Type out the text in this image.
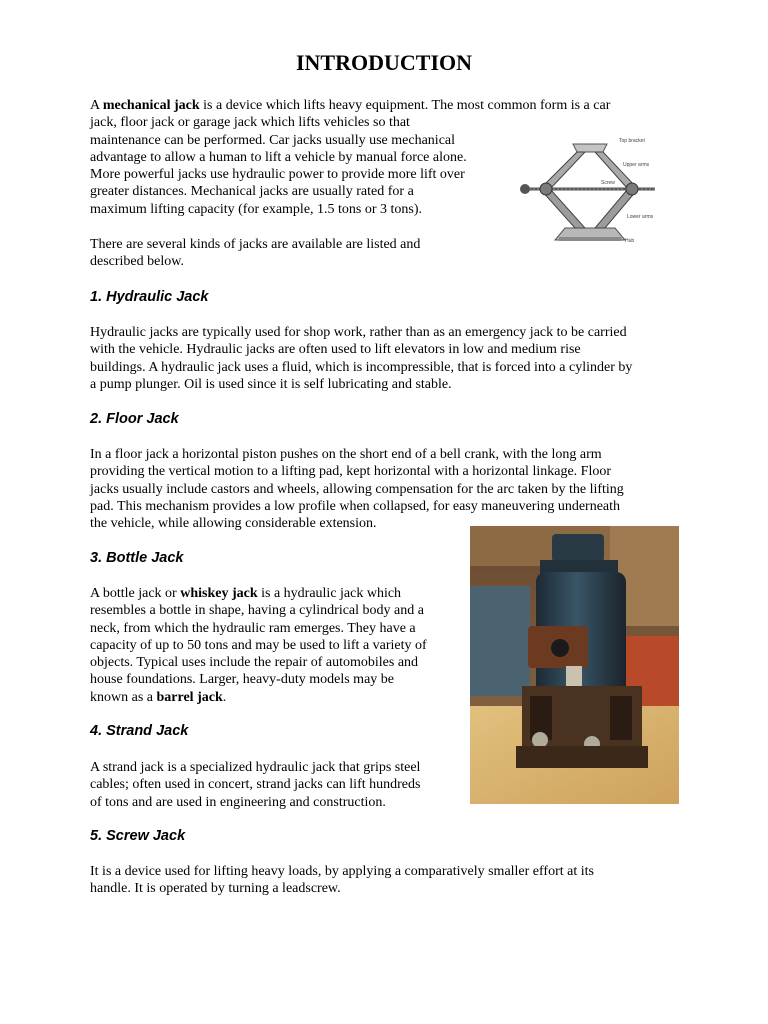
INTRODUCTION

A mechanical jack is a device which lifts heavy equipment. The most common form is a car
jack, floor jack or garage jack which lifts vehicles so that
maintenance can be performed. Car jacks usually use mechanical
advantage to allow a human to lift a vehicle by manual force alone.
More powerful jacks use hydraulic power to provide more lift over
greater distances. Mechanical jacks are usually rated for a
maximum lifting capacity (for example, 1.5 tons or 3 tons).

There are several kinds of jacks are available are listed and
described below.

Top bracket
Upper arms
Screw
Lower arms
Hub
1. Hydraulic Jack

Hydraulic jacks are typically used for shop work, rather than as an emergency jack to be carried
with the vehicle. Hydraulic jacks are often used to lift elevators in low and medium rise
buildings. A hydraulic jack uses a fluid, which is incompressible, that is forced into a cylinder by
a pump plunger. Oil is used since it is self lubricating and stable.

2. Floor Jack

In a floor jack a horizontal piston pushes on the short end of a bell crank, with the long arm
providing the vertical motion to a lifting pad, kept horizontal with a horizontal linkage. Floor
jacks usually include castors and wheels, allowing compensation for the arc taken by the lifting
pad. This mechanism provides a low profile when collapsed, for easy maneuvering underneath
the vehicle, while allowing considerable extension.

3. Bottle Jack

A bottle jack or whiskey jack is a hydraulic jack which
resembles a bottle in shape, having a cylindrical body and a
neck, from which the hydraulic ram emerges. They have a
capacity of up to 50 tons and may be used to lift a variety of
objects. Typical uses include the repair of automobiles and
house foundations. Larger, heavy-duty models may be
known as a barrel jack.

4. Strand Jack

A strand jack is a specialized hydraulic jack that grips steel
cables; often used in concert, strand jacks can lift hundreds
of tons and are used in engineering and construction.

5. Screw Jack

It is a device used for lifting heavy loads, by applying a comparatively smaller effort at its
handle. It is operated by turning a leadscrew.
